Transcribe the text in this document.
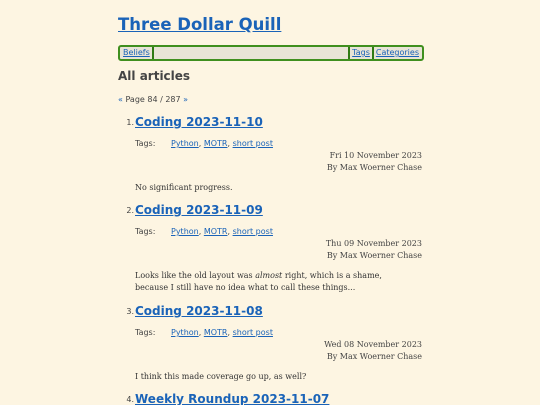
Three Dollar Quill
Beliefs	Tags Categories
All articles
« Page 84 / 287 »
1. Coding 2023-11-10
Tags: Python, MOTR, short post
Fri 10 November 2023
By Max Woerner Chase

No significant progress.

2. Coding 2023-11-09
Tags: Python, MOTR, short post
Thu 09 November 2023
By Max Woerner Chase

Looks like the old layout was almost right, which is a shame, because I still have no idea what to call these things...

3. Coding 2023-11-08
Tags: Python, MOTR, short post
Wed 08 November 2023
By Max Woerner Chase

I think this made coverage go up, as well?

4. Weekly Roundup 2023-11-07
